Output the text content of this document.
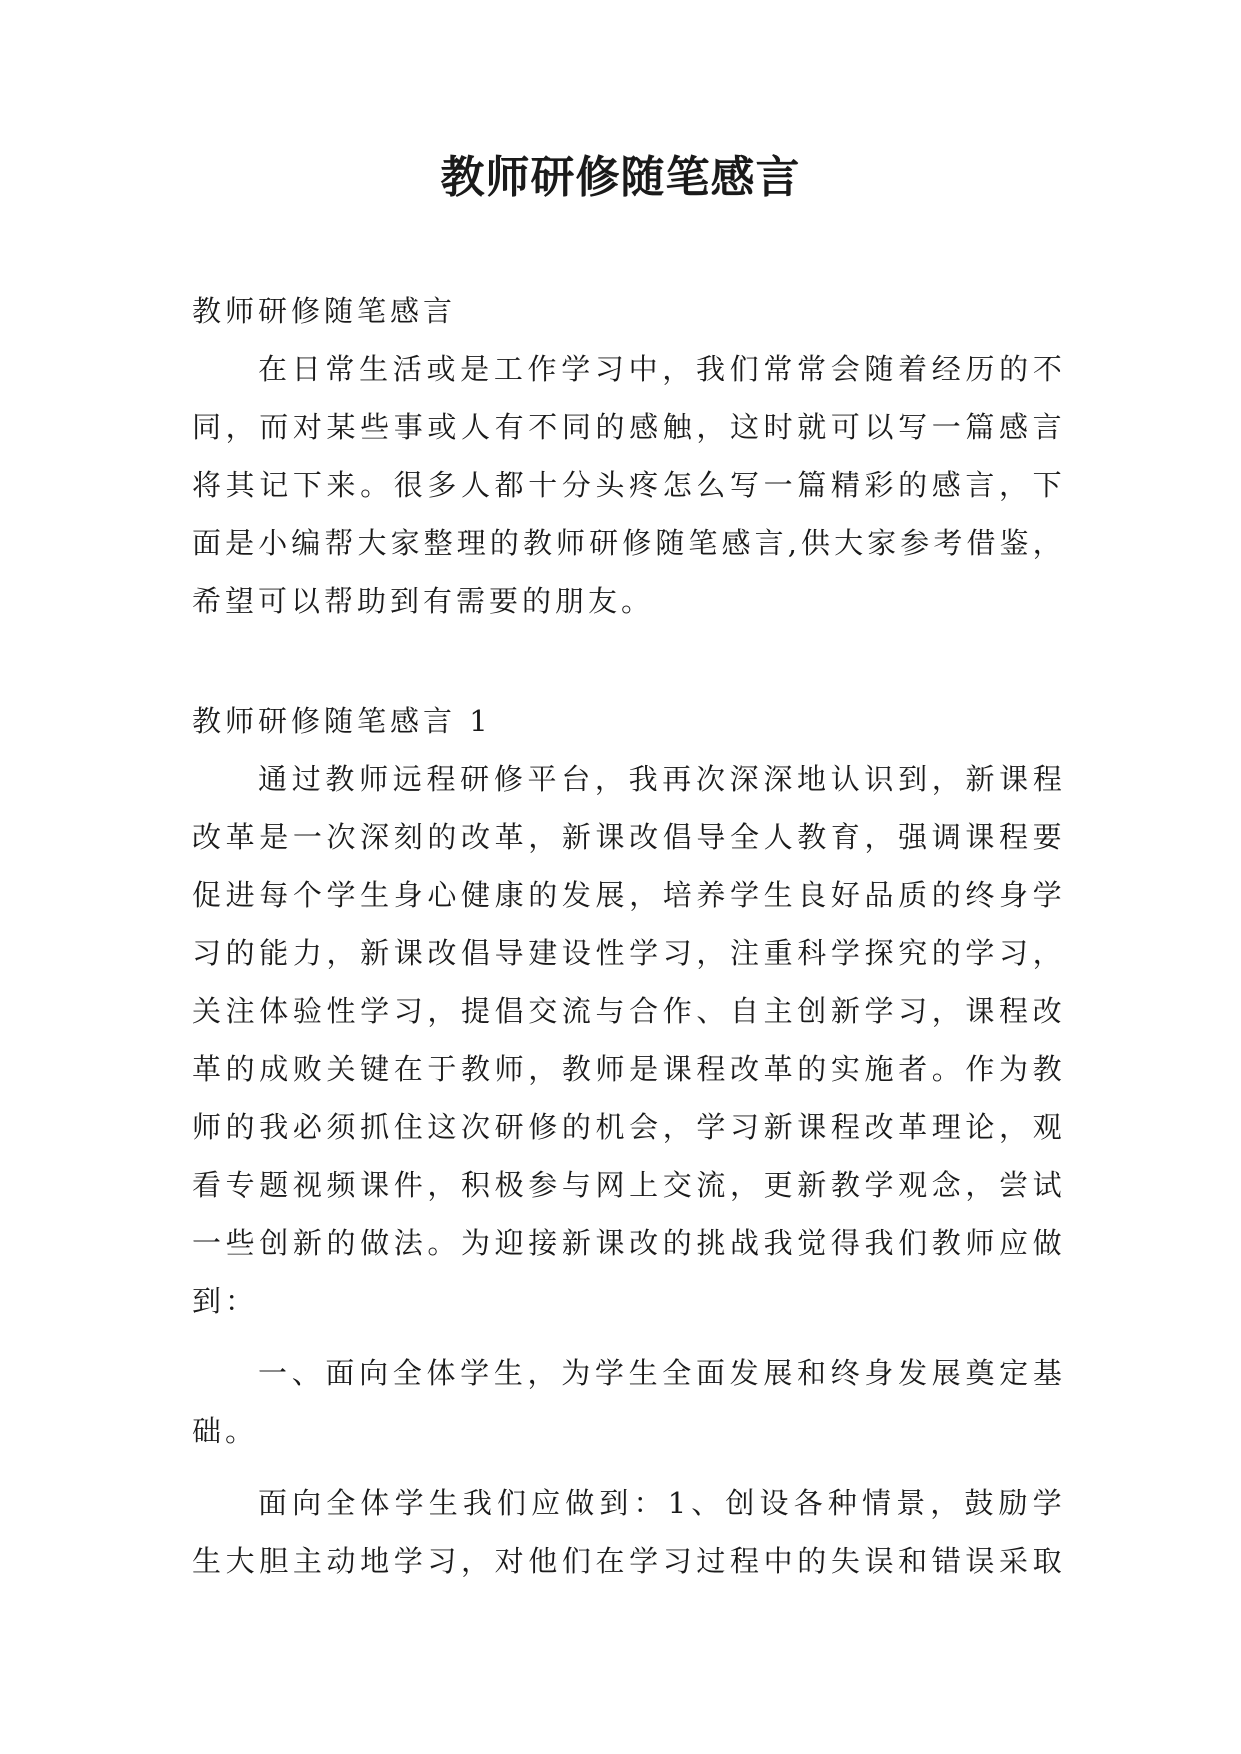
教师研修随笔感言

教师研修随笔感言

在 日 常 生 活 或 是 工 作 学 习 中 ， 我 们 常 常 会 随 着 经 历 的 不

同 ， 而 对 某 些 事 或 人 有 不 同 的 感 触 ， 这 时 就 可 以 写 一 篇 感 言

将 其 记 下 来 。 很 多 人 都 十 分 头 疼 怎 么 写 一 篇 精 彩 的 感 言 ， 下

面 是 小 编 帮 大 家 整 理 的 教 师 研 修 随 笔 感 言 , 供 大 家 参 考 借 鉴 ，

希望可以帮助到有需要的朋友。

教师研修随笔感言 1

通 过 教 师 远 程 研 修 平 台 ， 我 再 次 深 深 地 认 识 到 ， 新 课 程

改 革 是 一 次 深 刻 的 改 革 ， 新 课 改 倡 导 全 人 教 育 ， 强 调 课 程 要

促 进 每 个 学 生 身 心 健 康 的 发 展 ， 培 养 学 生 良 好 品 质 的 终 身 学

习 的 能 力 ， 新 课 改 倡 导 建 设 性 学 习 ， 注 重 科 学 探 究 的 学 习 ，

关 注 体 验 性 学 习 ， 提 倡 交 流 与 合 作 、 自 主 创 新 学 习 ， 课 程 改

革 的 成 败 关 键 在 于 教 师 ， 教 师 是 课 程 改 革 的 实 施 者 。 作 为 教

师 的 我 必 须 抓 住 这 次 研 修 的 机 会 ， 学 习 新 课 程 改 革 理 论 ， 观

看 专 题 视 频 课 件 ， 积 极 参 与 网 上 交 流 ， 更 新 教 学 观 念 ， 尝 试

一 些 创 新 的 做 法 。 为 迎 接 新 课 改 的 挑 战 我 觉 得 我 们 教 师 应 做

到：

一 、 面 向 全 体 学 生 ， 为 学 生 全 面 发 展 和 终 身 发 展 奠 定 基

础。

面 向 全 体 学 生 我 们 应 做 到 ： 1 、 创 设 各 种 情 景 ， 鼓 励 学

生 大 胆 主 动 地 学 习 ， 对 他 们 在 学 习 过 程 中 的 失 误 和 错 误 采 取
